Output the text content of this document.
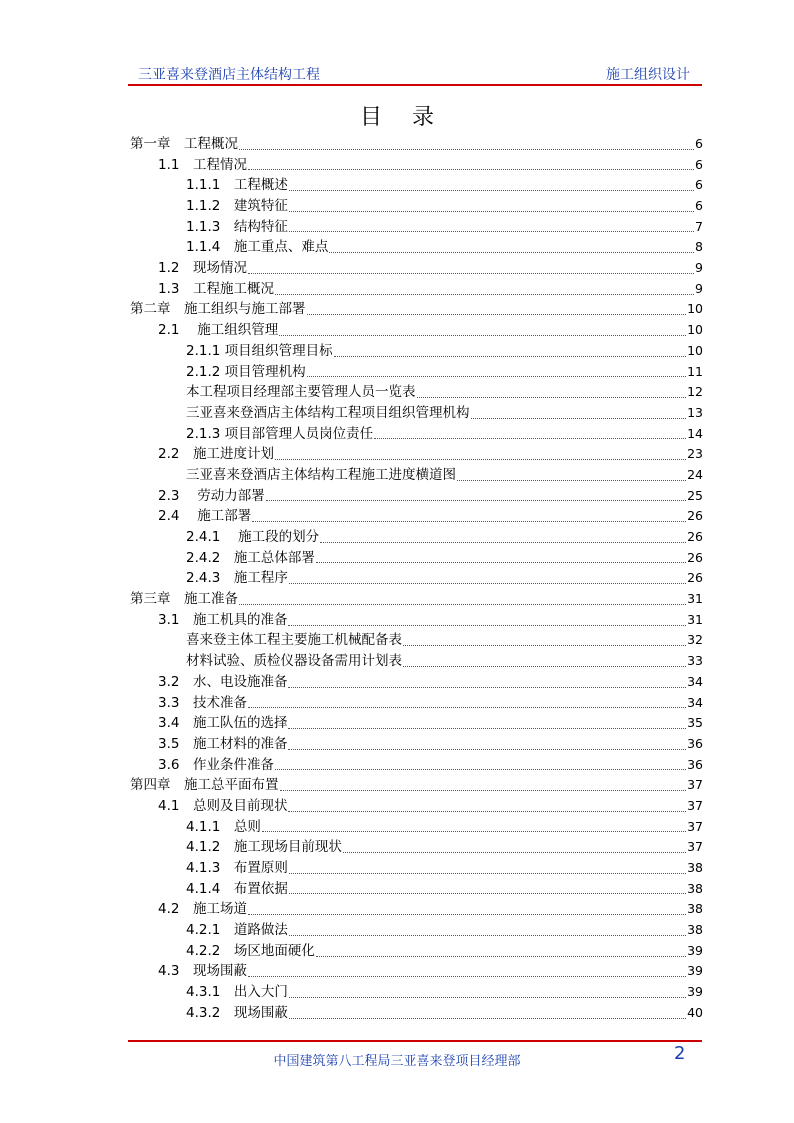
三亚喜来登酒店主体结构工程	施工组织设计
目录
第一章　工程概况	6
1.1　工程情况	6
1.1.1　工程概述	6
1.1.2　建筑特征	6
1.1.3　结构特征	7
1.1.4　施工重点、难点	8
1.2　现场情况	9
1.3　工程施工概况	9
第二章　施工组织与施工部署	10
2.1　 施工组织管理	10
2.1.1 项目组织管理目标	10
2.1.2 项目管理机构	11
本工程项目经理部主要管理人员一览表	12
三亚喜来登酒店主体结构工程项目组织管理机构	13
2.1.3 项目部管理人员岗位责任	14
2.2　施工进度计划	23
三亚喜来登酒店主体结构工程施工进度横道图	24
2.3　 劳动力部署	25
2.4　 施工部署	26
2.4.1　 施工段的划分	26
2.4.2　施工总体部署	26
2.4.3　施工程序	26
第三章　施工准备	31
3.1　施工机具的准备	31
喜来登主体工程主要施工机械配备表	32
材料试验、质检仪器设备需用计划表	33
3.2　水、电设施准备	34
3.3　技术准备	34
3.4　施工队伍的选择	35
3.5　施工材料的准备	36
3.6　作业条件准备	36
第四章　施工总平面布置	37
4.1　总则及目前现状	37
4.1.1　总则	37
4.1.2　施工现场目前现状	37
4.1.3　布置原则	38
4.1.4　布置依据	38
4.2　施工场道	38
4.2.1　道路做法	38
4.2.2　场区地面硬化	39
4.3　现场围蔽	39
4.3.1　出入大门	39
4.3.2　现场围蔽	40
中国建筑第八工程局三亚喜来登项目经理部	2
